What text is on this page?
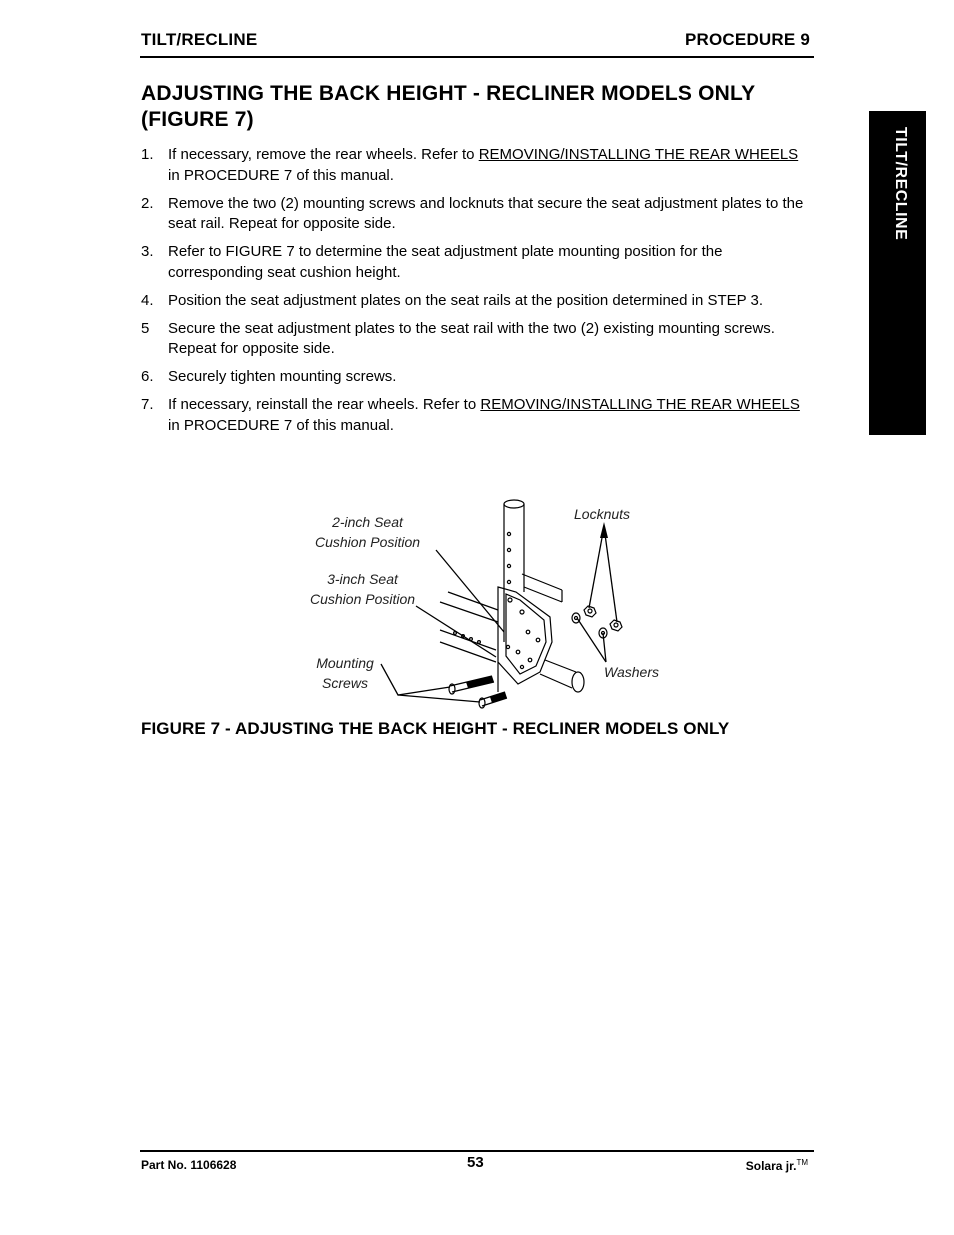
TILT/RECLINE	PROCEDURE 9
TILT/RECLINE
ADJUSTING THE BACK HEIGHT - RECLINER MODELS ONLY (FIGURE 7)
1. If necessary, remove the rear wheels. Refer to REMOVING/INSTALLING THE REAR WHEELS in PROCEDURE 7 of this manual.
2. Remove the two (2) mounting screws and locknuts that secure the seat adjustment plates to the seat rail. Repeat for opposite side.
3. Refer to FIGURE 7 to determine the seat adjustment plate mounting position for the corresponding seat cushion height.
4. Position the seat adjustment plates on the seat rails at the position determined in STEP 3.
5 Secure the seat adjustment plates to the seat rail with the two (2) existing mounting screws. Repeat for opposite side.
6. Securely tighten mounting screws.
7. If necessary, reinstall the rear wheels. Refer to REMOVING/INSTALLING THE REAR WHEELS in PROCEDURE 7 of this manual.
2-inch Seat
Cushion Position
3-inch Seat
Cushion Position
Locknuts
Washers
Mounting
Screws
FIGURE 7 - ADJUSTING THE BACK HEIGHT - RECLINER MODELS ONLY
Part No. 1106628	53	Solara jr.™
